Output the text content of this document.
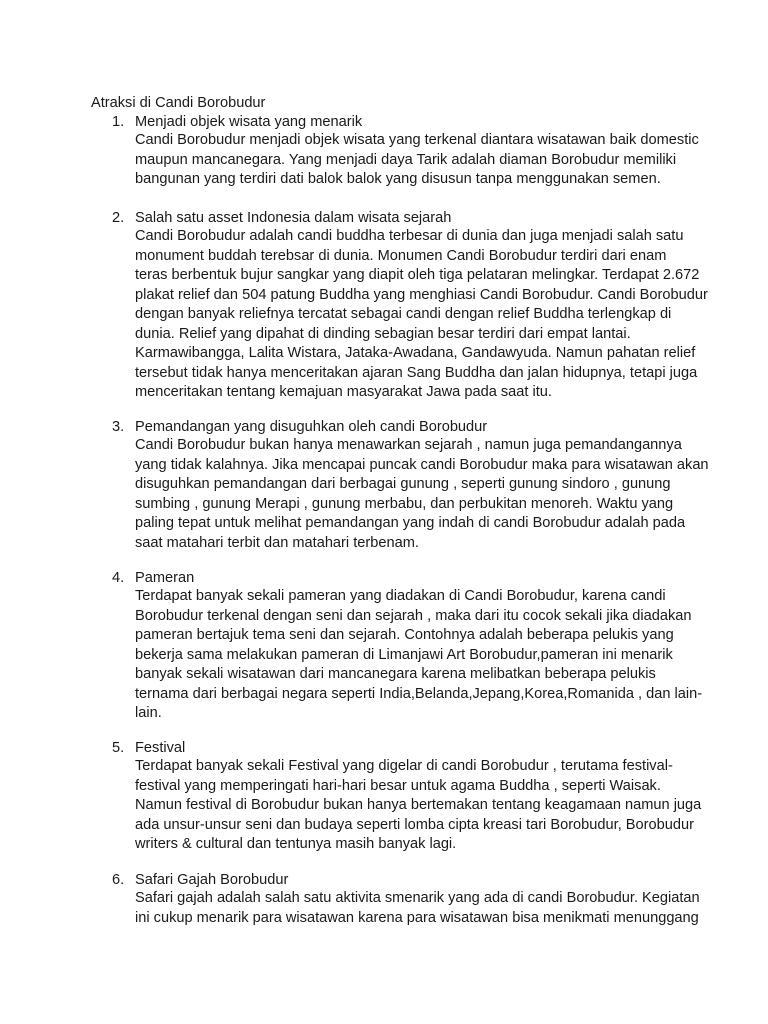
Atraksi di Candi Borobudur
1. Menjadi objek wisata yang menarik
Candi Borobudur menjadi objek wisata yang terkenal diantara wisatawan baik domestic
maupun mancanegara. Yang menjadi daya Tarik adalah diaman Borobudur memiliki
bangunan yang terdiri dati balok balok yang disusun tanpa menggunakan semen.
2. Salah satu asset Indonesia dalam wisata sejarah
Candi Borobudur adalah candi buddha terbesar di dunia dan juga menjadi salah satu
monument buddah terebsar di dunia. Monumen Candi Borobudur terdiri dari enam
teras berbentuk bujur sangkar yang diapit oleh tiga pelataran melingkar. Terdapat 2.672
plakat relief dan 504 patung Buddha yang menghiasi Candi Borobudur. Candi Borobudur
dengan banyak reliefnya tercatat sebagai candi dengan relief Buddha terlengkap di
dunia. Relief yang dipahat di dinding sebagian besar terdiri dari empat lantai.
Karmawibangga, Lalita Wistara, Jataka-Awadana, Gandawyuda. Namun pahatan relief
tersebut tidak hanya menceritakan ajaran Sang Buddha dan jalan hidupnya, tetapi juga
menceritakan tentang kemajuan masyarakat Jawa pada saat itu.
3. Pemandangan yang disuguhkan oleh candi Borobudur
Candi Borobudur bukan hanya menawarkan sejarah , namun juga pemandangannya
yang tidak kalahnya. Jika mencapai puncak candi Borobudur maka para wisatawan akan
disuguhkan pemandangan dari berbagai gunung , seperti gunung sindoro , gunung
sumbing , gunung Merapi , gunung merbabu, dan perbukitan menoreh. Waktu yang
paling tepat untuk melihat pemandangan yang indah di candi Borobudur adalah pada
saat matahari terbit dan matahari terbenam.
4. Pameran
Terdapat banyak sekali pameran yang diadakan di Candi Borobudur, karena candi
Borobudur terkenal dengan seni dan sejarah , maka dari itu cocok sekali jika diadakan
pameran bertajuk tema seni dan sejarah. Contohnya adalah beberapa pelukis yang
bekerja sama melakukan pameran di Limanjawi Art Borobudur,pameran ini menarik
banyak sekali wisatawan dari mancanegara karena melibatkan beberapa pelukis
ternama dari berbagai negara seperti India,Belanda,Jepang,Korea,Romanida , dan lain-
lain.
5. Festival
Terdapat banyak sekali Festival yang digelar di candi Borobudur , terutama festival-
festival yang memperingati hari-hari besar untuk agama Buddha , seperti Waisak.
Namun festival di Borobudur bukan hanya bertemakan tentang keagamaan namun juga
ada unsur-unsur seni dan budaya seperti lomba cipta kreasi tari Borobudur, Borobudur
writers & cultural dan tentunya masih banyak lagi.
6. Safari Gajah Borobudur
Safari gajah adalah salah satu aktivita smenarik yang ada di candi Borobudur. Kegiatan
ini cukup menarik para wisatawan karena para wisatawan bisa menikmati menunggang
